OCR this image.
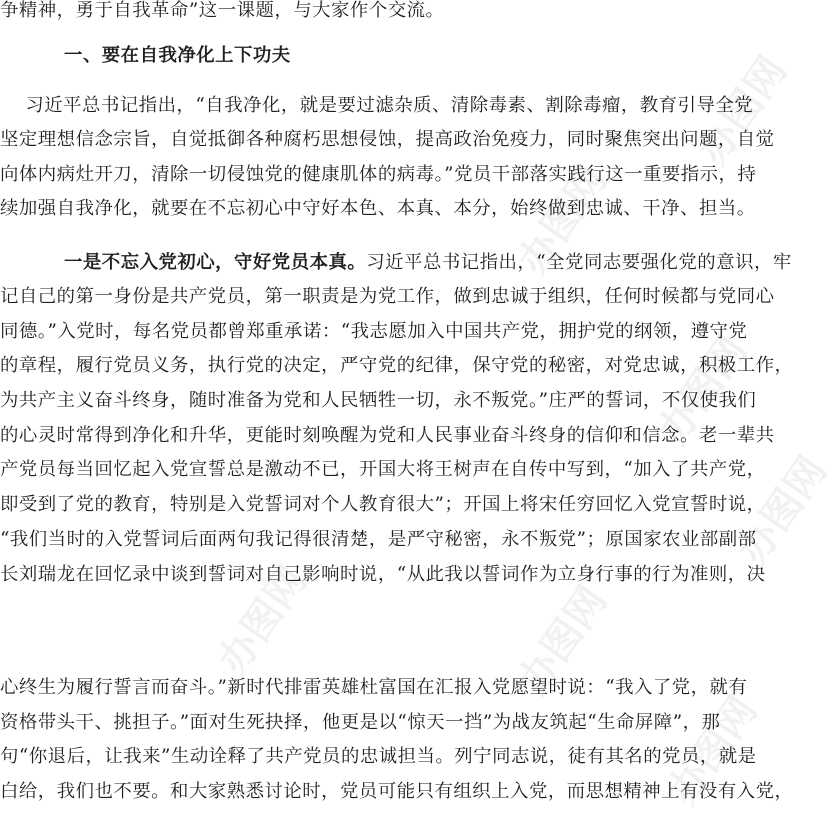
办图网
办图网
办图网
办图网
办图网
办图网
办图网
争精神，勇于自我革命”这一课题，与大家作个交流。
一、要在自我净化上下功夫
习近平总书记指出，“自我净化，就是要过滤杂质、清除毒素、割除毒瘤，教育引导全党
坚定理想信念宗旨，自觉抵御各种腐朽思想侵蚀，提高政治免疫力，同时聚焦突出问题，自觉
向体内病灶开刀，清除一切侵蚀党的健康肌体的病毒。”党员干部落实践行这一重要指示，持
续加强自我净化，就要在不忘初心中守好本色、本真、本分，始终做到忠诚、干净、担当。
一是不忘入党初心，守好党员本真。习近平总书记指出，“全党同志要强化党的意识，牢
记自己的第一身份是共产党员，第一职责是为党工作，做到忠诚于组织，任何时候都与党同心
同德。”入党时，每名党员都曾郑重承诺：“我志愿加入中国共产党，拥护党的纲领，遵守党
的章程，履行党员义务，执行党的决定，严守党的纪律，保守党的秘密，对党忠诚，积极工作，
为共产主义奋斗终身，随时准备为党和人民牺牲一切，永不叛党。”庄严的誓词，不仅使我们
的心灵时常得到净化和升华，更能时刻唤醒为党和人民事业奋斗终身的信仰和信念。老一辈共
产党员每当回忆起入党宣誓总是激动不已，开国大将王树声在自传中写到，“加入了共产党，
即受到了党的教育，特别是入党誓词对个人教育很大”；开国上将宋任穷回忆入党宣誓时说，
“我们当时的入党誓词后面两句我记得很清楚，是严守秘密，永不叛党”；原国家农业部副部
长刘瑞龙在回忆录中谈到誓词对自己影响时说，“从此我以誓词作为立身行事的行为准则，决
心终生为履行誓言而奋斗。”新时代排雷英雄杜富国在汇报入党愿望时说：“我入了党，就有
资格带头干、挑担子。”面对生死抉择，他更是以“惊天一挡”为战友筑起“生命屏障”，那
句“你退后，让我来”生动诠释了共产党员的忠诚担当。列宁同志说，徒有其名的党员，就是
白给，我们也不要。和大家熟悉讨论时，党员可能只有组织上入党，而思想精神上有没有入党，
